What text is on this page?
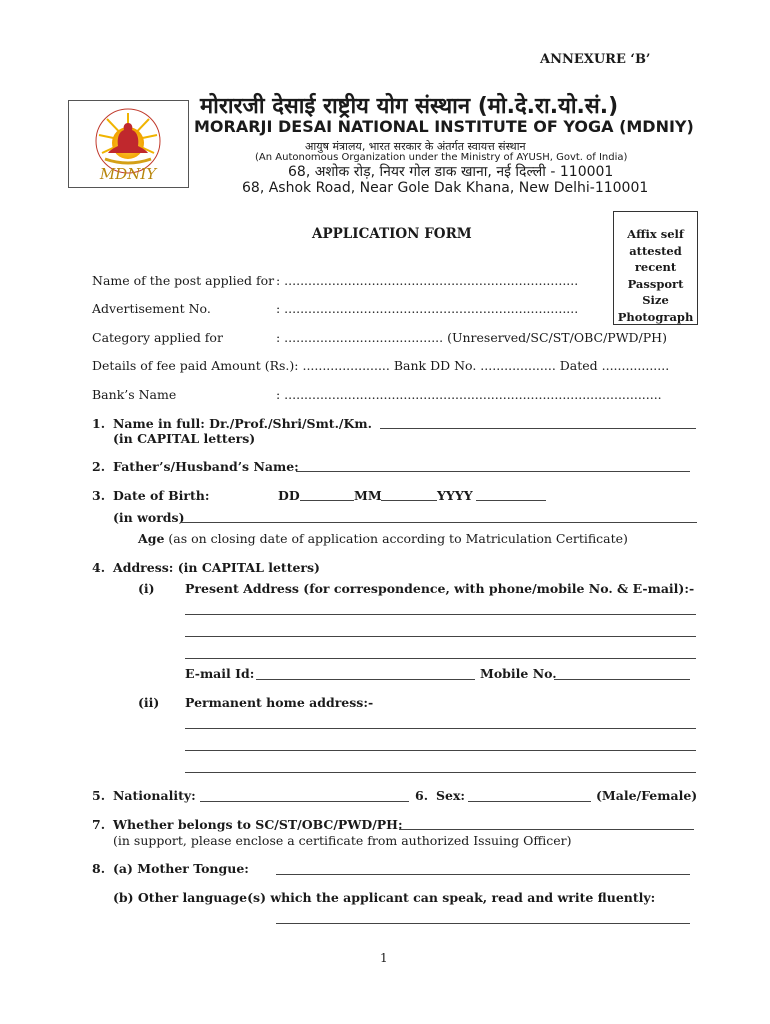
ANNEXURE ‘B’
MDNIY
मोरारजी देसाई राष्ट्रीय योग संस्थान (मो.दे.रा.यो.सं.)
MORARJI DESAI NATIONAL INSTITUTE OF YOGA (MDNIY)
आयुष मंत्रालय, भारत सरकार के अंतर्गत स्वायत्त संस्थान
(An Autonomous Organization under the Ministry of AYUSH, Govt. of India)
68, अशोक रोड़, नियर गोल डाक खाना, नई दिल्ली - 110001
68, Ashok Road, Near Gole Dak Khana, New Delhi-110001
APPLICATION FORM	Affix self
attested
recent
Passport Size
Photograph
Name of the post applied for : ..........................................................................
Advertisement No.	: ..........................................................................
Category applied for	: ........................................ (Unreserved/SC/ST/OBC/PWD/PH)
Details of fee paid Amount (Rs.): ...................... Bank DD No. ................... Dated .................
Bank’s Name	: ...............................................................................................
1. Name in full: Dr./Prof./Shri/Smt./Km.
(in CAPITAL letters)
2. Father’s/Husband’s Name:
3. Date of Birth:	DD	MM	YYYY
(in words)
Age (as on closing date of application according to Matriculation Certificate)
4. Address: (in CAPITAL letters)
(i) Present Address (for correspondence, with phone/mobile No. & E-mail):-
E-mail Id:	Mobile No.
(ii) Permanent home address:-
5. Nationality:	6. Sex:	(Male/Female)
7. Whether belongs to SC/ST/OBC/PWD/PH:
(in support, please enclose a certificate from authorized Issuing Officer)
8. (a) Mother Tongue:
(b) Other language(s) which the applicant can speak, read and write fluently:
1
